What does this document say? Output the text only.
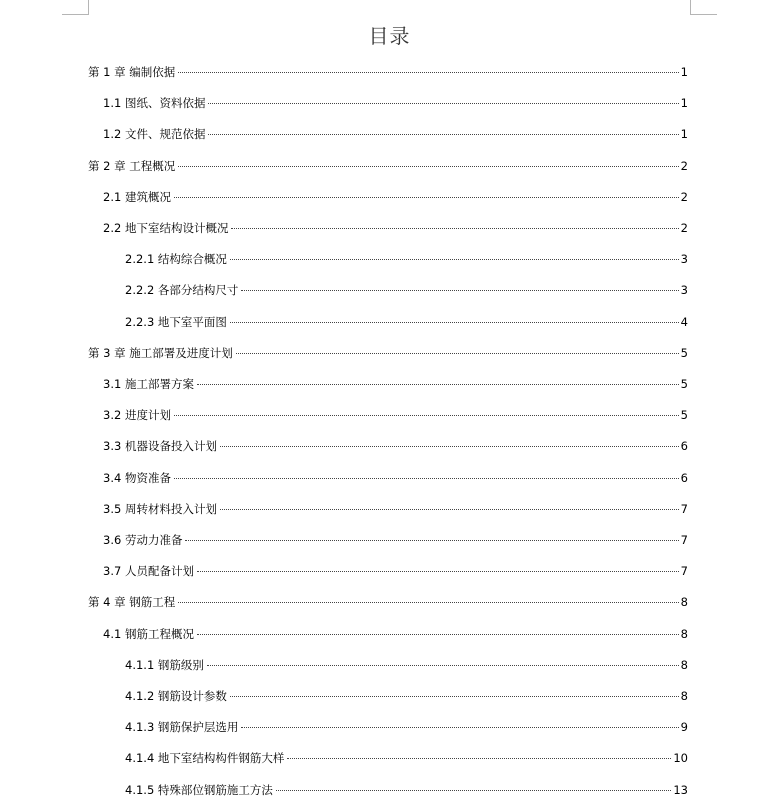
目录
第 1 章 编制依据	1
1.1 图纸、资料依据	1
1.2 文件、规范依据	1
第 2 章 工程概况	2
2.1 建筑概况	2
2.2 地下室结构设计概况	2
2.2.1 结构综合概况	3
2.2.2 各部分结构尺寸	3
2.2.3 地下室平面图	4
第 3 章 施工部署及进度计划	5
3.1 施工部署方案	5
3.2 进度计划	5
3.3 机器设备投入计划	6
3.4 物资准备	6
3.5 周转材料投入计划	7
3.6 劳动力准备	7
3.7 人员配备计划	7
第 4 章 钢筋工程	8
4.1 钢筋工程概况	8
4.1.1 钢筋级别	8
4.1.2 钢筋设计参数	8
4.1.3 钢筋保护层选用	9
4.1.4 地下室结构构件钢筋大样	10
4.1.5 特殊部位钢筋施工方法	13
